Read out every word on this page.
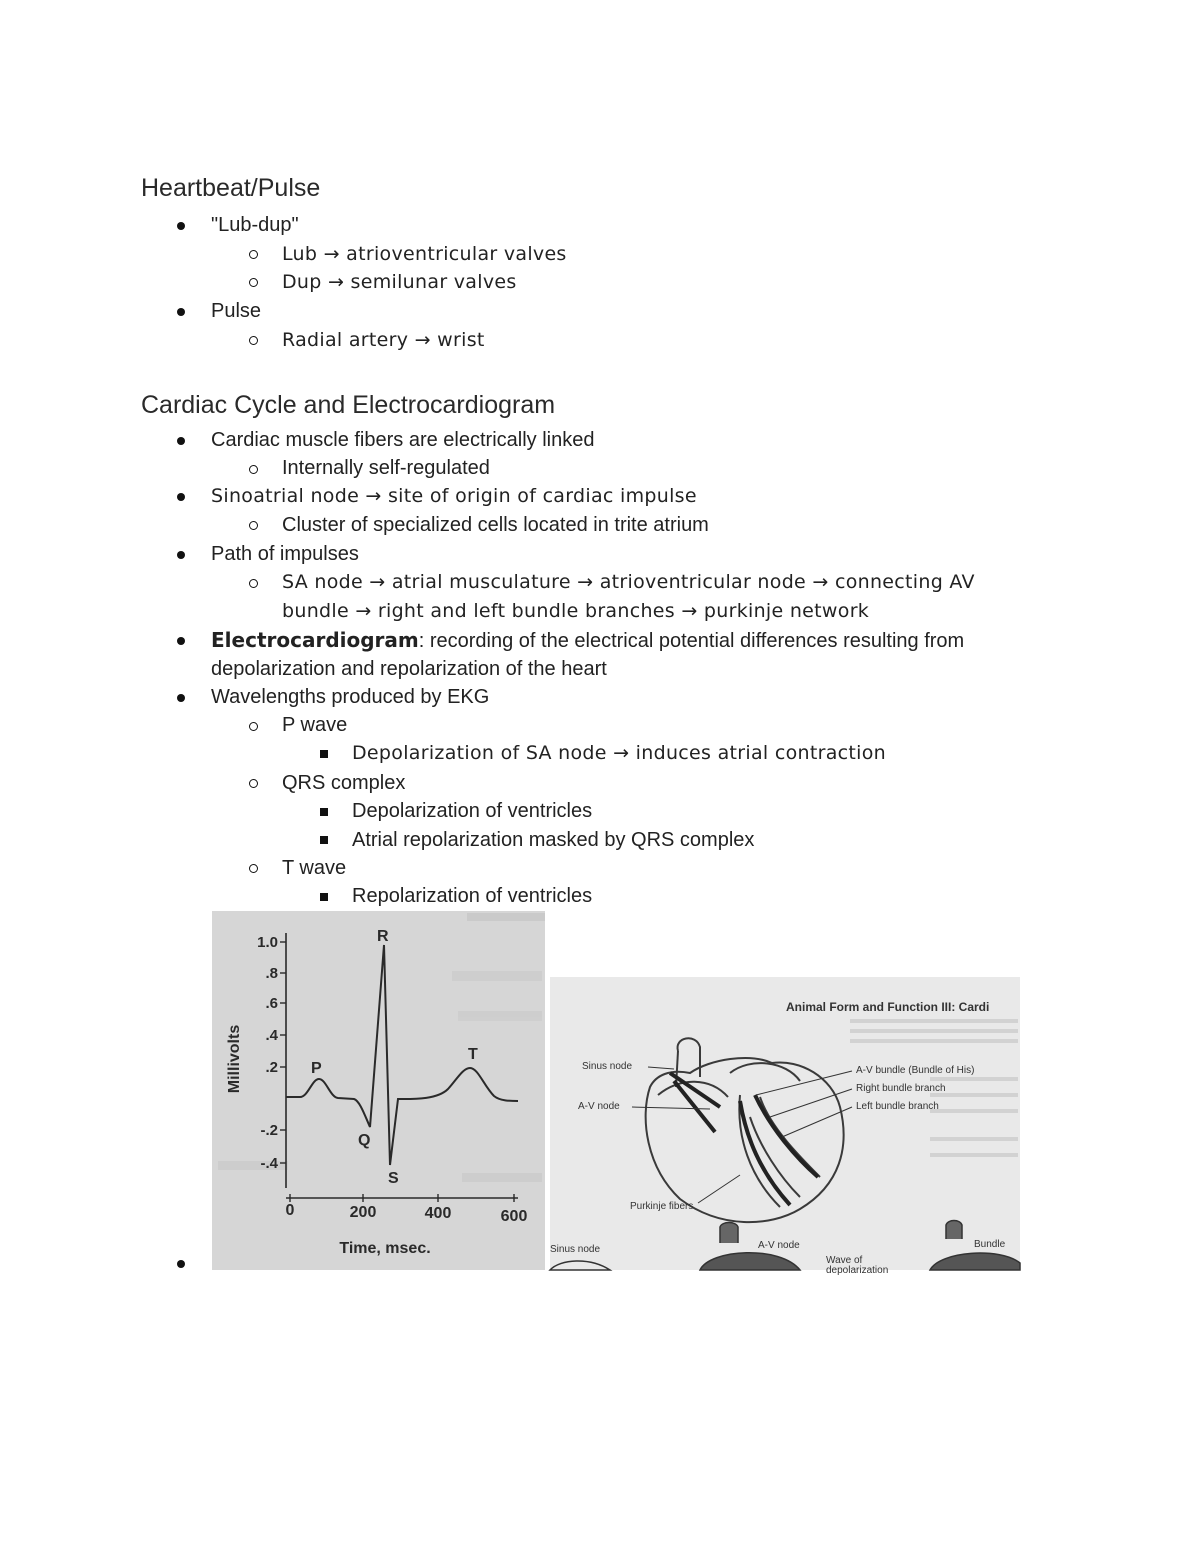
Heartbeat/Pulse
"Lub-dup"
Lub → atrioventricular valves
Dup → semilunar valves
Pulse
Radial artery → wrist
Cardiac Cycle and Electrocardiogram
Cardiac muscle fibers are electrically linked
Internally self-regulated
Sinoatrial node → site of origin of cardiac impulse
Cluster of specialized cells located in trite atrium
Path of impulses
SA node → atrial musculature → atrioventricular node → connecting AV
bundle → right and left bundle branches → purkinje network
Electrocardiogram: recording of the electrical potential differences resulting from
depolarization and repolarization of the heart
Wavelengths produced by EKG
P wave
Depolarization of SA node → induces atrial contraction
QRS complex
Depolarization of ventricles
Atrial repolarization masked by QRS complex
T wave
Repolarization of ventricles
1.0
.8
.6
.4
.2
-.2
-.4
0	200	400	600
Time, msec.
Millivolts	P
Q
R
S
T
Animal Form and Function III: Cardi
Sinus node
A-V node
A-V bundle (Bundle of His)
Right bundle branch
Left bundle branch
Purkinje fibers
Sinus node	A-V node
Wave of
depolarization
Bundle
